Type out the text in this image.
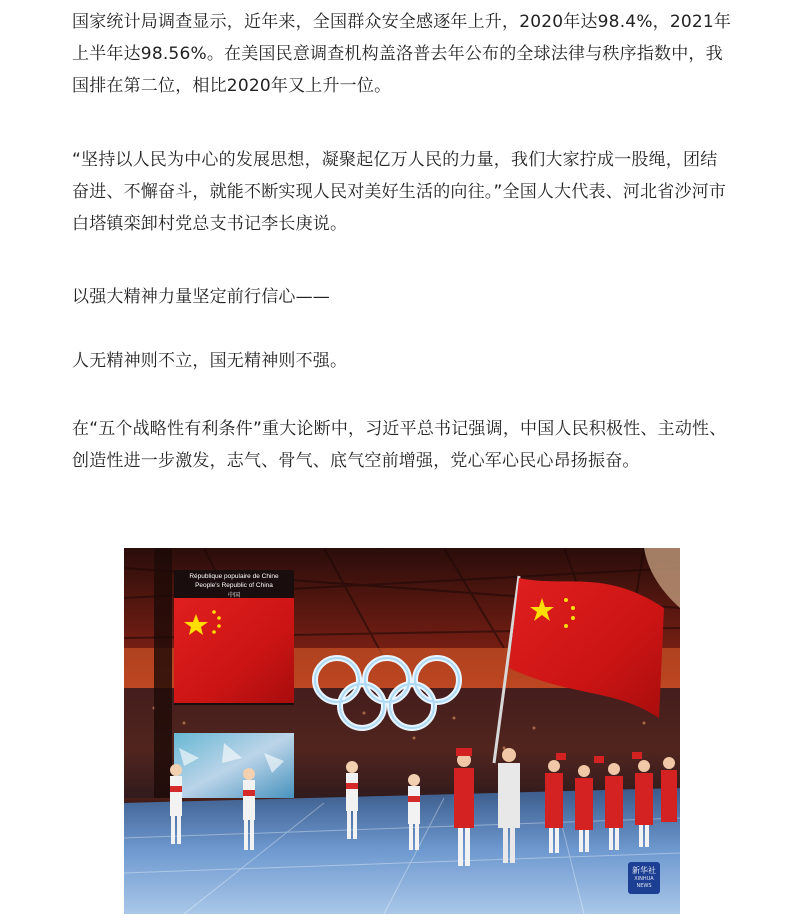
国家统计局调查显示，近年来，全国群众安全感逐年上升，2020年达98.4%，2021年上半年达98.56%。在美国民意调查机构盖洛普去年公布的全球法律与秩序指数中，我国排在第二位，相比2020年又上升一位。

“坚持以人民为中心的发展思想，凝聚起亿万人民的力量，我们大家拧成一股绳，团结奋进、不懈奋斗，就能不断实现人民对美好生活的向往。”全国人大代表、河北省沙河市白塔镇栾卸村党总支书记李长庚说。

以强大精神力量坚定前行信心——

人无精神则不立，国无精神则不强。

在“五个战略性有利条件”重大论断中，习近平总书记强调，中国人民积极性、主动性、创造性进一步激发，志气、骨气、底气空前增强，党心军心民心昂扬振奋。

République populaire de Chine
People's Republic of China
中国
新华社
XINHUA NEWS
